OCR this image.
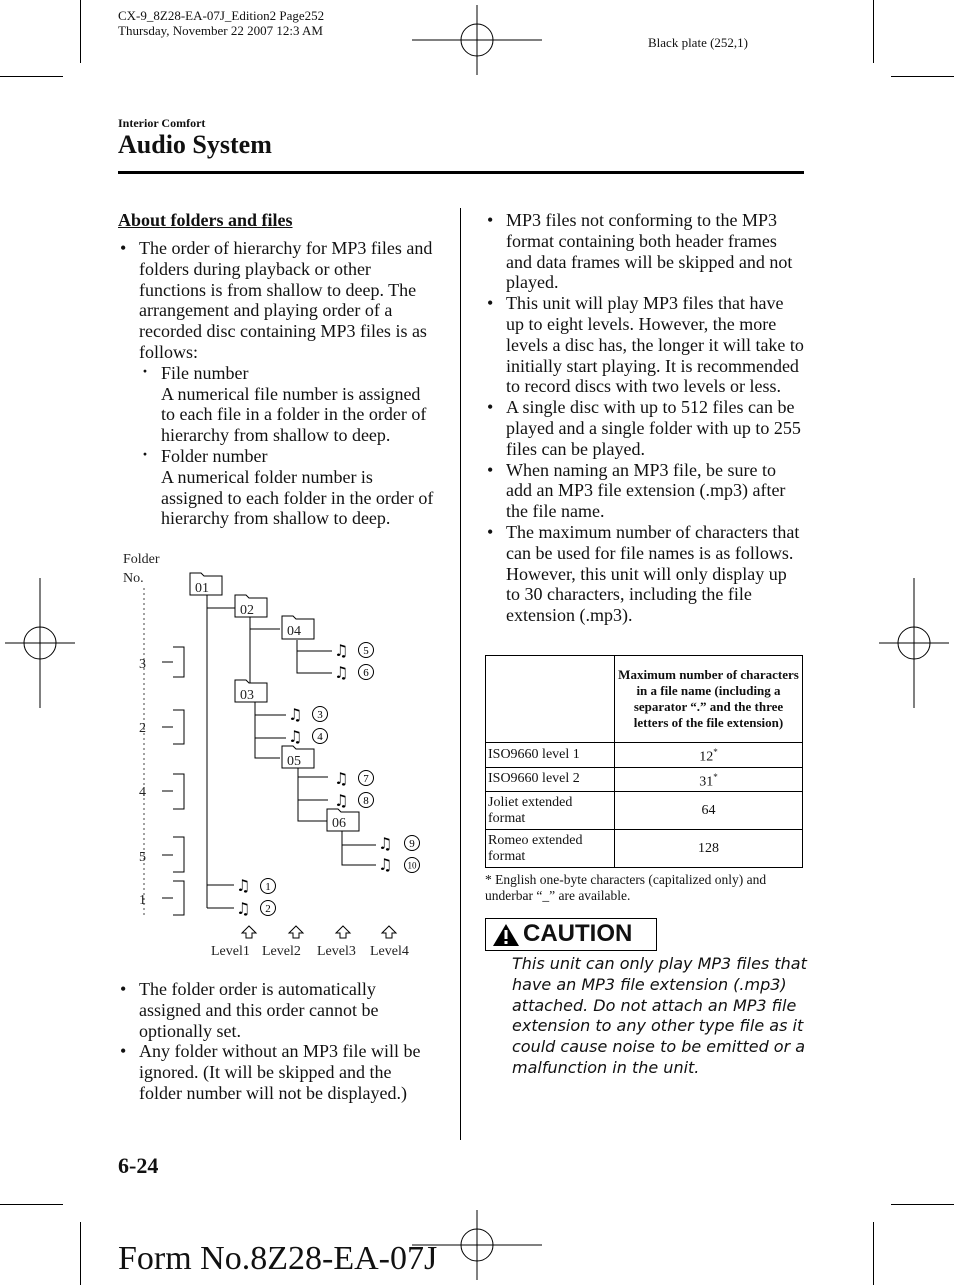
CX-9_8Z28-EA-07J_Edition2 Page252
Thursday, November 22 2007 12:3 AM
Black plate (252,1)
Interior Comfort
Audio System
About folders and files
• The order of hierarchy for MP3 files and folders during playback or other functions is from shallow to deep. The arrangement and playing order of a recorded disc containing MP3 files is as follows:
· File number
A numerical file number is assigned to each file in a folder in the order of hierarchy from shallow to deep.
· Folder number
A numerical folder number is assigned to each folder in the order of hierarchy from shallow to deep.
Folder
No.
3
2
4
5
1
01
02
04
03
05
06
♫ 5
♫ 6
♫ 3
♫ 4
♫ 7
♫ 8
♫ 9
♫ 10
♫ 1
♫ 2
Level1 Level2 Level3 Level4
• The folder order is automatically assigned and this order cannot be optionally set.
• Any folder without an MP3 file will be ignored. (It will be skipped and the folder number will not be displayed.)
• MP3 files not conforming to the MP3 format containing both header frames and data frames will be skipped and not played.
• This unit will play MP3 files that have up to eight levels. However, the more levels a disc has, the longer it will take to initially start playing. It is recommended to record discs with two levels or less.
• A single disc with up to 512 files can be played and a single folder with up to 255 files can be played.
• When naming an MP3 file, be sure to add an MP3 file extension (.mp3) after the file name.
• The maximum number of characters that can be used for file names is as follows. However, this unit will only display up to 30 characters, including the file extension (.mp3).
	Maximum number of characters in a file name (including a separator “.” and the three letters of the file extension)
ISO9660 level 1	12*
ISO9660 level 2	31*
Joliet extended format	64
Romeo extended format	128
* English one-byte characters (capitalized only) and underbar “_” are available.
CAUTION
This unit can only play MP3 files that have an MP3 file extension (.mp3) attached. Do not attach an MP3 file extension to any other type file as it could cause noise to be emitted or a malfunction in the unit.
6-24
Form No.8Z28-EA-07J
